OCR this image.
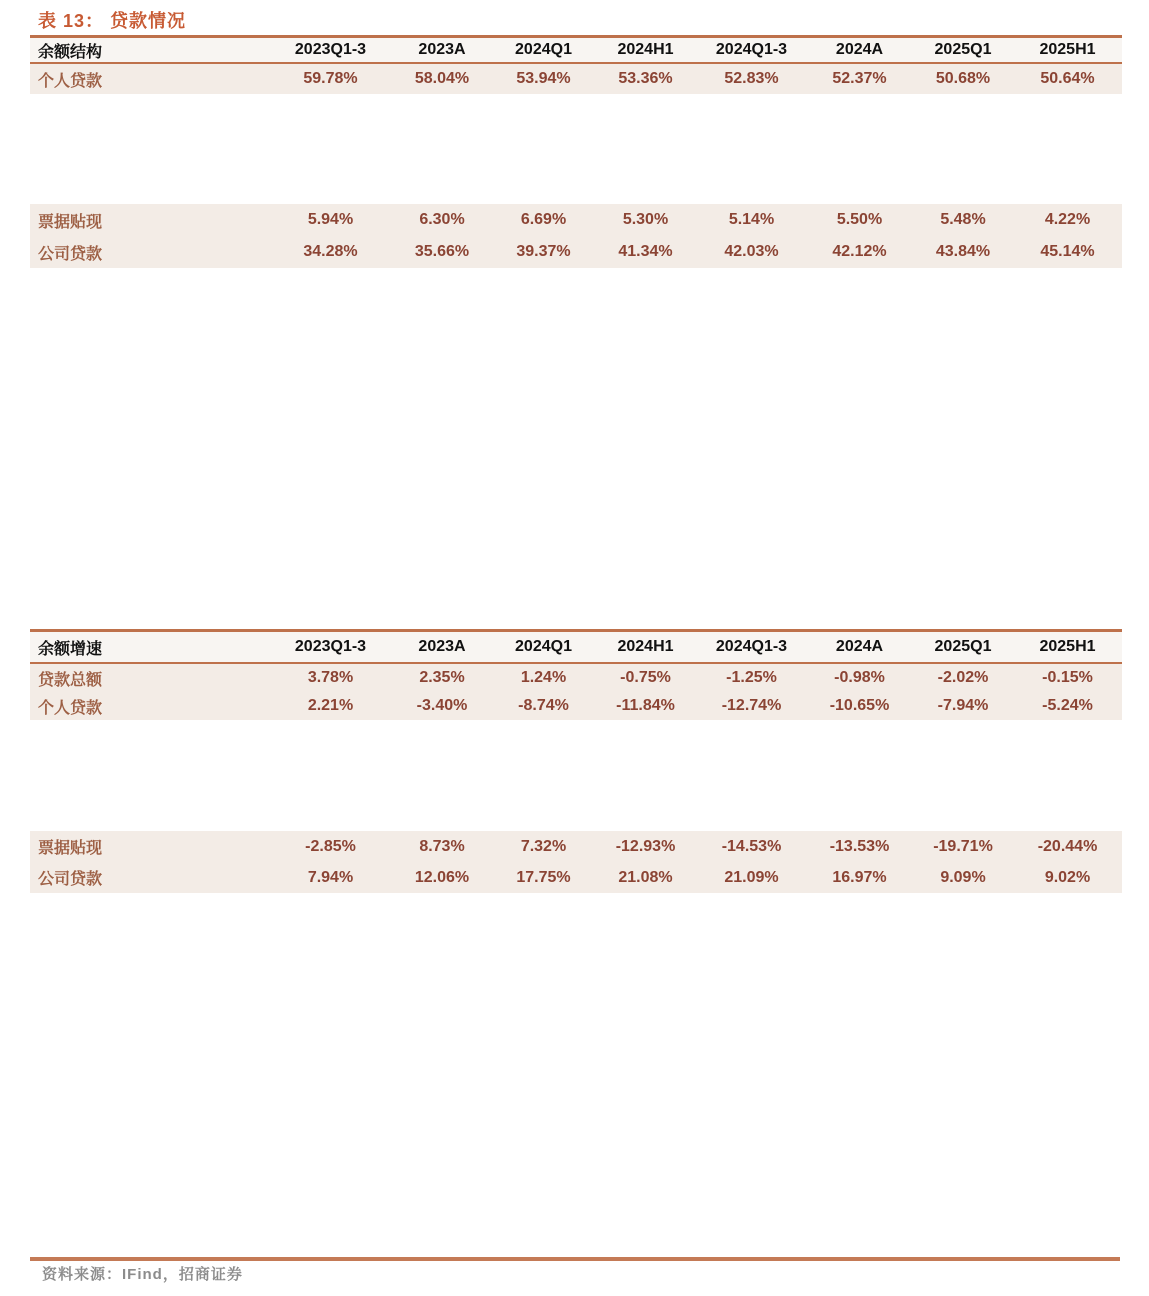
表 13： 贷款情况
余额结构	2023Q1-3	2023A	2024Q1	2024H1	2024Q1-3	2024A	2025Q1	2025H1
个人贷款	59.78%	58.04%	53.94%	53.36%	52.83%	52.37%	50.68%	50.64%
票据贴现	5.94%	6.30%	6.69%	5.30%	5.14%	5.50%	5.48%	4.22%
公司贷款	34.28%	35.66%	39.37%	41.34%	42.03%	42.12%	43.84%	45.14%
余额增速	2023Q1-3	2023A	2024Q1	2024H1	2024Q1-3	2024A	2025Q1	2025H1
贷款总额	3.78%	2.35%	1.24%	-0.75%	-1.25%	-0.98%	-2.02%	-0.15%
个人贷款	2.21%	-3.40%	-8.74%	-11.84%	-12.74%	-10.65%	-7.94%	-5.24%
票据贴现	-2.85%	8.73%	7.32%	-12.93%	-14.53%	-13.53%	-19.71%	-20.44%
公司贷款	7.94%	12.06%	17.75%	21.08%	21.09%	16.97%	9.09%	9.02%
资料来源：IFind，招商证券
